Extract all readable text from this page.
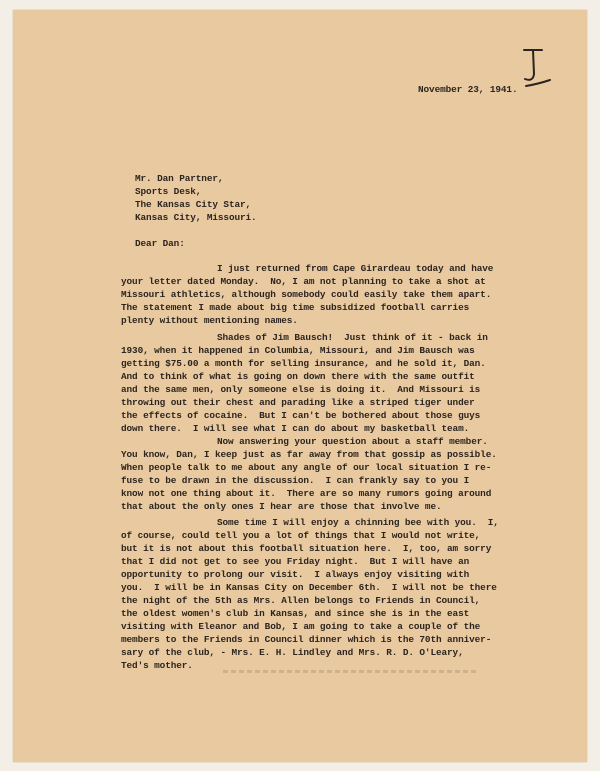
J
November 23, 1941.
Mr. Dan Partner,
Sports Desk,
The Kansas City Star,
Kansas City, Missouri.
Dear Dan:
I just returned from Cape Girardeau today and have
your letter dated Monday.  No, I am not planning to take a shot at
Missouri athletics, although somebody could easily take them apart.
The statement I made about big time subsidized football carries
plenty without mentioning names.
Shades of Jim Bausch!  Just think of it - back in
1930, when it happened in Columbia, Missouri, and Jim Bausch was
getting $75.00 a month for selling insurance, and he sold it, Dan.
And to think of what is going on down there with the same outfit
and the same men, only someone else is doing it.  And Missouri is
throwing out their chest and parading like a striped tiger under
the effects of cocaine.  But I can't be bothered about those guys
down there.  I will see what I can do about my basketball team.
Now answering your question about a staff member.
You know, Dan, I keep just as far away from that gossip as possible.
When people talk to me about any angle of our local situation I re-
fuse to be drawn in the discussion.  I can frankly say to you I
know not one thing about it.  There are so many rumors going around
that about the only ones I hear are those that involve me.
Some time I will enjoy a chinning bee with you.  I,
of course, could tell you a lot of things that I would not write,
but it is not about this football situation here.  I, too, am sorry
that I did not get to see you Friday night.  But I will have an
opportunity to prolong our visit.  I always enjoy visiting with
you.  I will be in Kansas City on December 6th.  I will not be there
the night of the 5th as Mrs. Allen belongs to Friends in Council,
the oldest women's club in Kansas, and since she is in the east
visiting with Eleanor and Bob, I am going to take a couple of the
members to the Friends in Council dinner which is the 70th anniver-
sary of the club, - Mrs. E. H. Lindley and Mrs. R. D. O'Leary,
Ted's mother.
